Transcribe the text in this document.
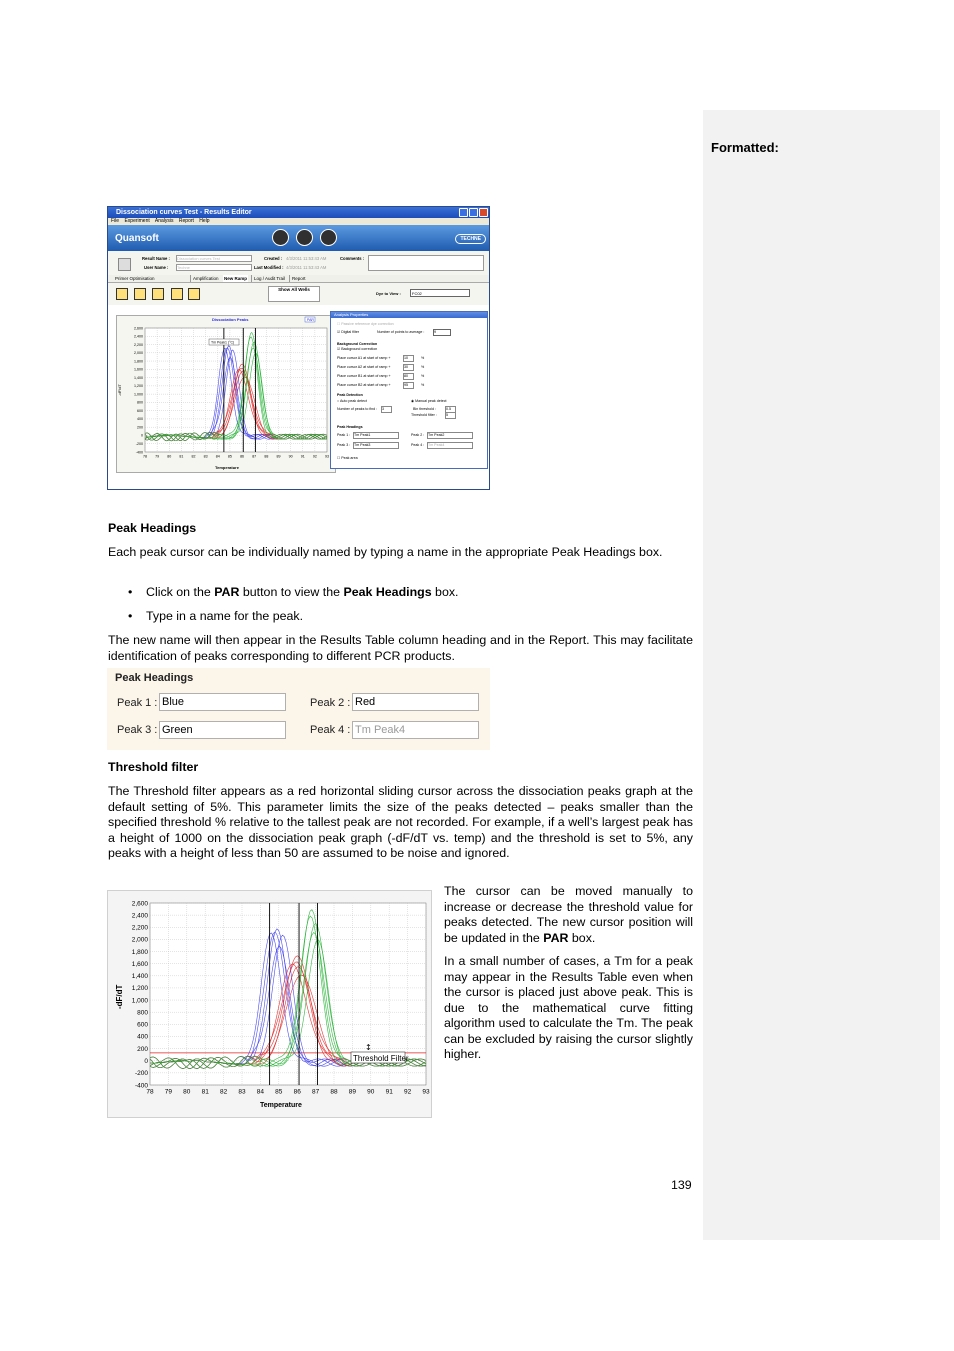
Formatted:
Dissociation curves Test - Results Editor
File Experiment Analysis Report Help
Quansoft	TECHNE
Result Name : Dissociation curves Test
User Name : Techne
Created : 4/3/2011 11:53:43 AM
Last Modified : 4/3/2011 11:53:43 AM
Comments :
Primer Optimisation	Amplification New Ramp	Log / Audit Trail	Report
Show All Wells
Dye to View :	FC02
Dissociation Peaks	PAR
2,600
2,400
2,200
2,000
1,800
1,600
1,400
1,200
1,000
800
600
400
200
0
-200
-400
78 79 80 81 82 83 84 85 86 87 88 89 90 91 92 93
Tm Peak1 (°C)
-dF/dT
Temperature
Analysis Properties
☐ Passive reference dye correction
☑ Digital filter	Number of points to average :	9
Background Correction
☑ Background correction
Place cursor A1 at start of ramp +	10	%
Place cursor A2 at start of ramp +	30	%
Place cursor B1 at start of ramp +	80	%
Place cursor B2 at start of ramp +	95	%
Peak Detection
○ Auto peak detect	◉ Manual peak detect
Number of peaks to find : 3	Bin threshold :	0.5
Threshold filter :	5
Peak Headings
Peak 1 : Tm Peak1	Peak 2 : Tm Peak2
Peak 3 : Tm Peak3	Peak 4 : Tm Peak4
☐ Peak area
Peak Headings
Each peak cursor can be individually named by typing a name in the appropriate Peak Headings box.
• Click on the PAR button to view the Peak Headings box.
• Type in a name for the peak.
The new name will then appear in the Results Table column heading and in the Report. This may facilitate identification of peaks corresponding to different PCR products.
Peak Headings
Peak 1 : Blue	Peak 2 : Red
Peak 3 : Green	Peak 4 : Tm Peak4
Threshold filter
The Threshold filter appears as a red horizontal sliding cursor across the dissociation peaks graph at the default setting of 5%. This parameter limits the size of the peaks detected – peaks smaller than the specified threshold % relative to the tallest peak are not recorded. For example, if a well’s largest peak has a height of 1000 on the dissociation peak graph (-dF/dT vs. temp) and the threshold is set to 5%, any peaks with a height of less than 50 are assumed to be noise and ignored.
2,600
2,400
2,200
2,000
1,800
1,600
1,400
1,200
1,000
800
600
400
200
0
-200
-400
78 79 80 81 82 83 84 85 86 87 88 89 90 91 92 93
Threshold Filter
↕
-dF/dT
Temperature
The cursor can be moved manually to increase or decrease the threshold value for peaks detected. The new cursor position will be updated in the PAR box.
In a small number of cases, a Tm for a peak may appear in the Results Table even when the cursor is placed just above peak. This is due to the mathematical curve fitting algorithm used to calculate the Tm. The peak can be excluded by raising the cursor slightly higher.
139
